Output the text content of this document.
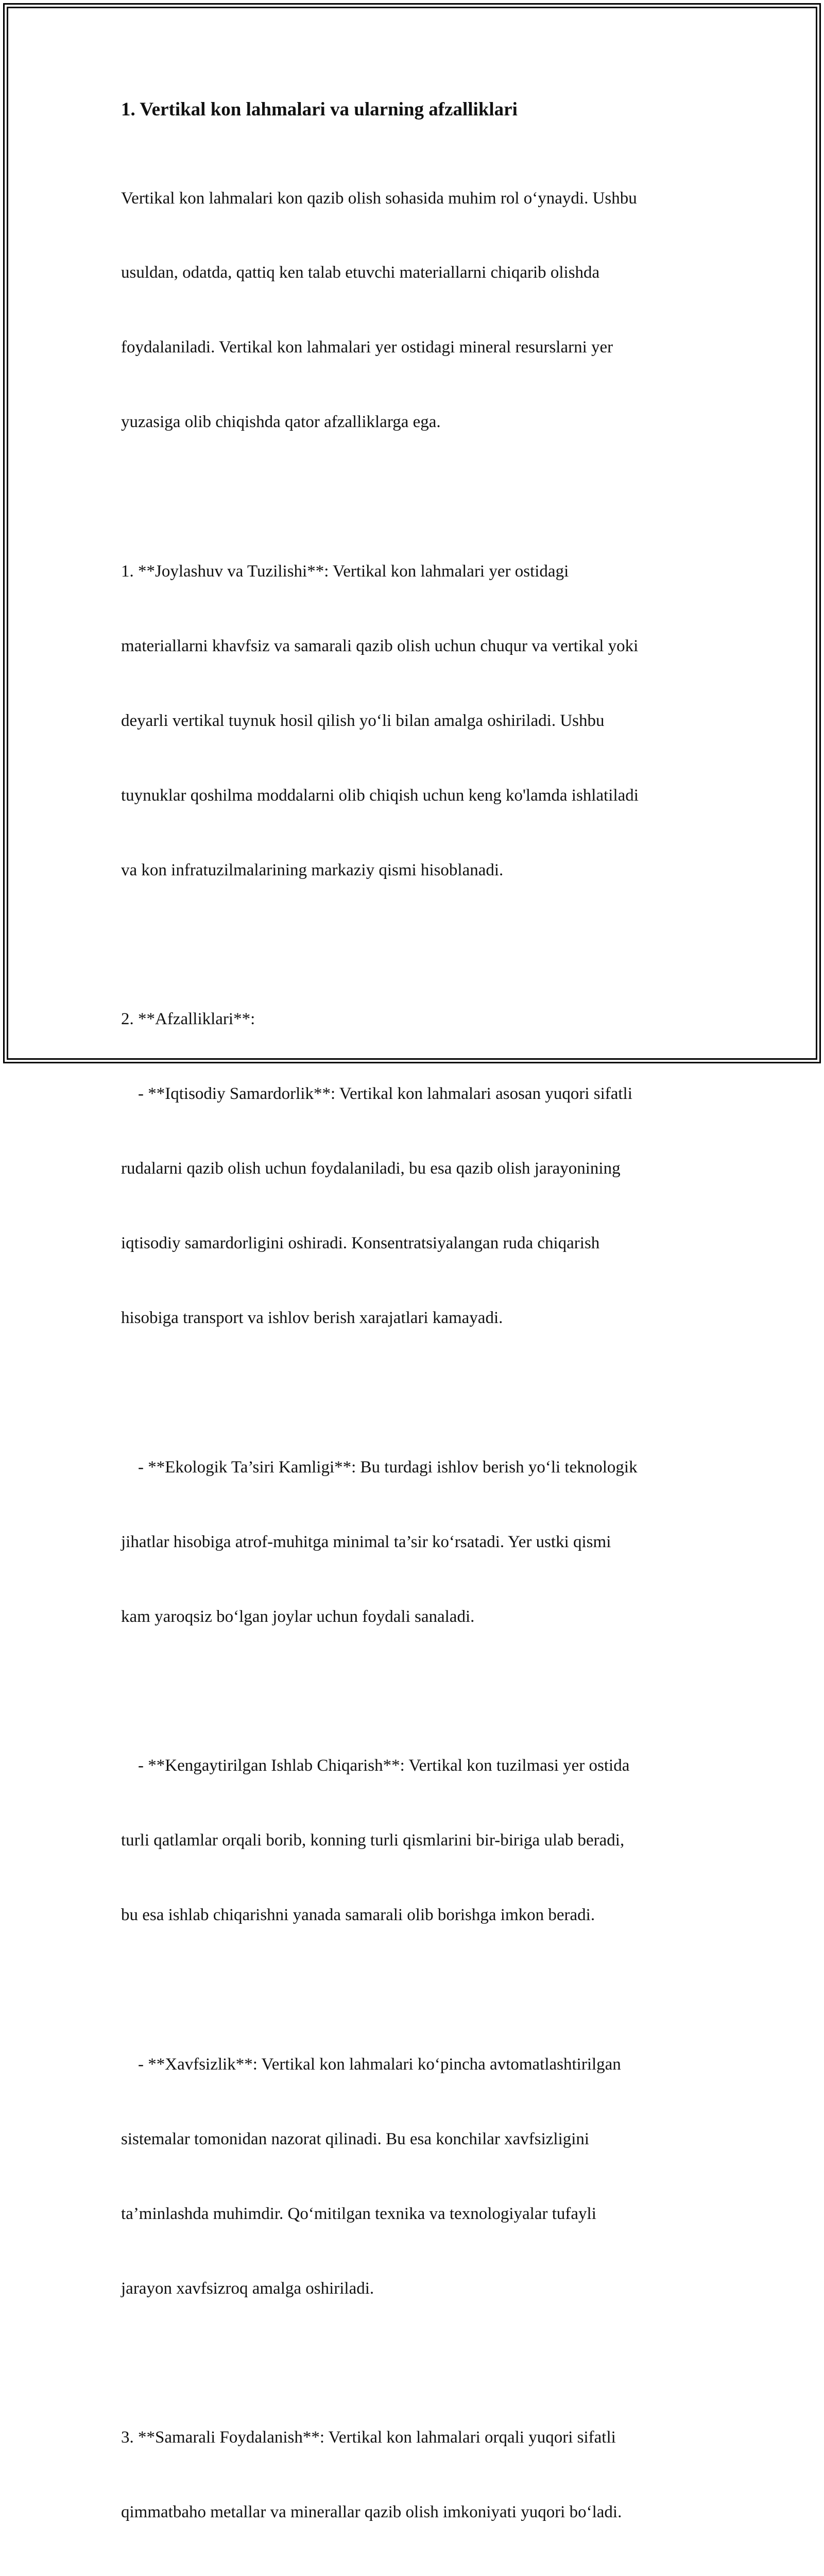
1. Vertikal kon lahmalari va ularning afzalliklari

Vertikal kon lahmalari kon qazib olish sohasida muhim rol o‘ynaydi. Ushbu

usuldan, odatda, qattiq ken talab etuvchi materiallarni chiqarib olishda

foydalaniladi. Vertikal kon lahmalari yer ostidagi mineral resurslarni yer

yuzasiga olib chiqishda qator afzalliklarga ega.

1. **Joylashuv va Tuzilishi**: Vertikal kon lahmalari yer ostidagi

materiallarni khavfsiz va samarali qazib olish uchun chuqur va vertikal yoki

deyarli vertikal tuynuk hosil qilish yo‘li bilan amalga oshiriladi. Ushbu

tuynuklar qoshilma moddalarni olib chiqish uchun keng ko'lamda ishlatiladi

va kon infratuzilmalarining markaziy qismi hisoblanadi.

2. **Afzalliklari**:

- **Iqtisodiy Samardorlik**: Vertikal kon lahmalari asosan yuqori sifatli

rudalarni qazib olish uchun foydalaniladi, bu esa qazib olish jarayonining

iqtisodiy samardorligini oshiradi. Konsentratsiyalangan ruda chiqarish

hisobiga transport va ishlov berish xarajatlari kamayadi.

- **Ekologik Ta’siri Kamligi**: Bu turdagi ishlov berish yo‘li teknologik

jihatlar hisobiga atrof-muhitga minimal ta’sir ko‘rsatadi. Yer ustki qismi

kam yaroqsiz bo‘lgan joylar uchun foydali sanaladi.

- **Kengaytirilgan Ishlab Chiqarish**: Vertikal kon tuzilmasi yer ostida

turli qatlamlar orqali borib, konning turli qismlarini bir-biriga ulab beradi,

bu esa ishlab chiqarishni yanada samarali olib borishga imkon beradi.

- **Xavfsizlik**: Vertikal kon lahmalari ko‘pincha avtomatlashtirilgan

sistemalar tomonidan nazorat qilinadi. Bu esa konchilar xavfsizligini

ta’minlashda muhimdir. Qo‘mitilgan texnika va texnologiyalar tufayli

jarayon xavfsizroq amalga oshiriladi.

3. **Samarali Foydalanish**: Vertikal kon lahmalari orqali yuqori sifatli

qimmatbaho metallar va minerallar qazib olish imkoniyati yuqori bo‘ladi.
